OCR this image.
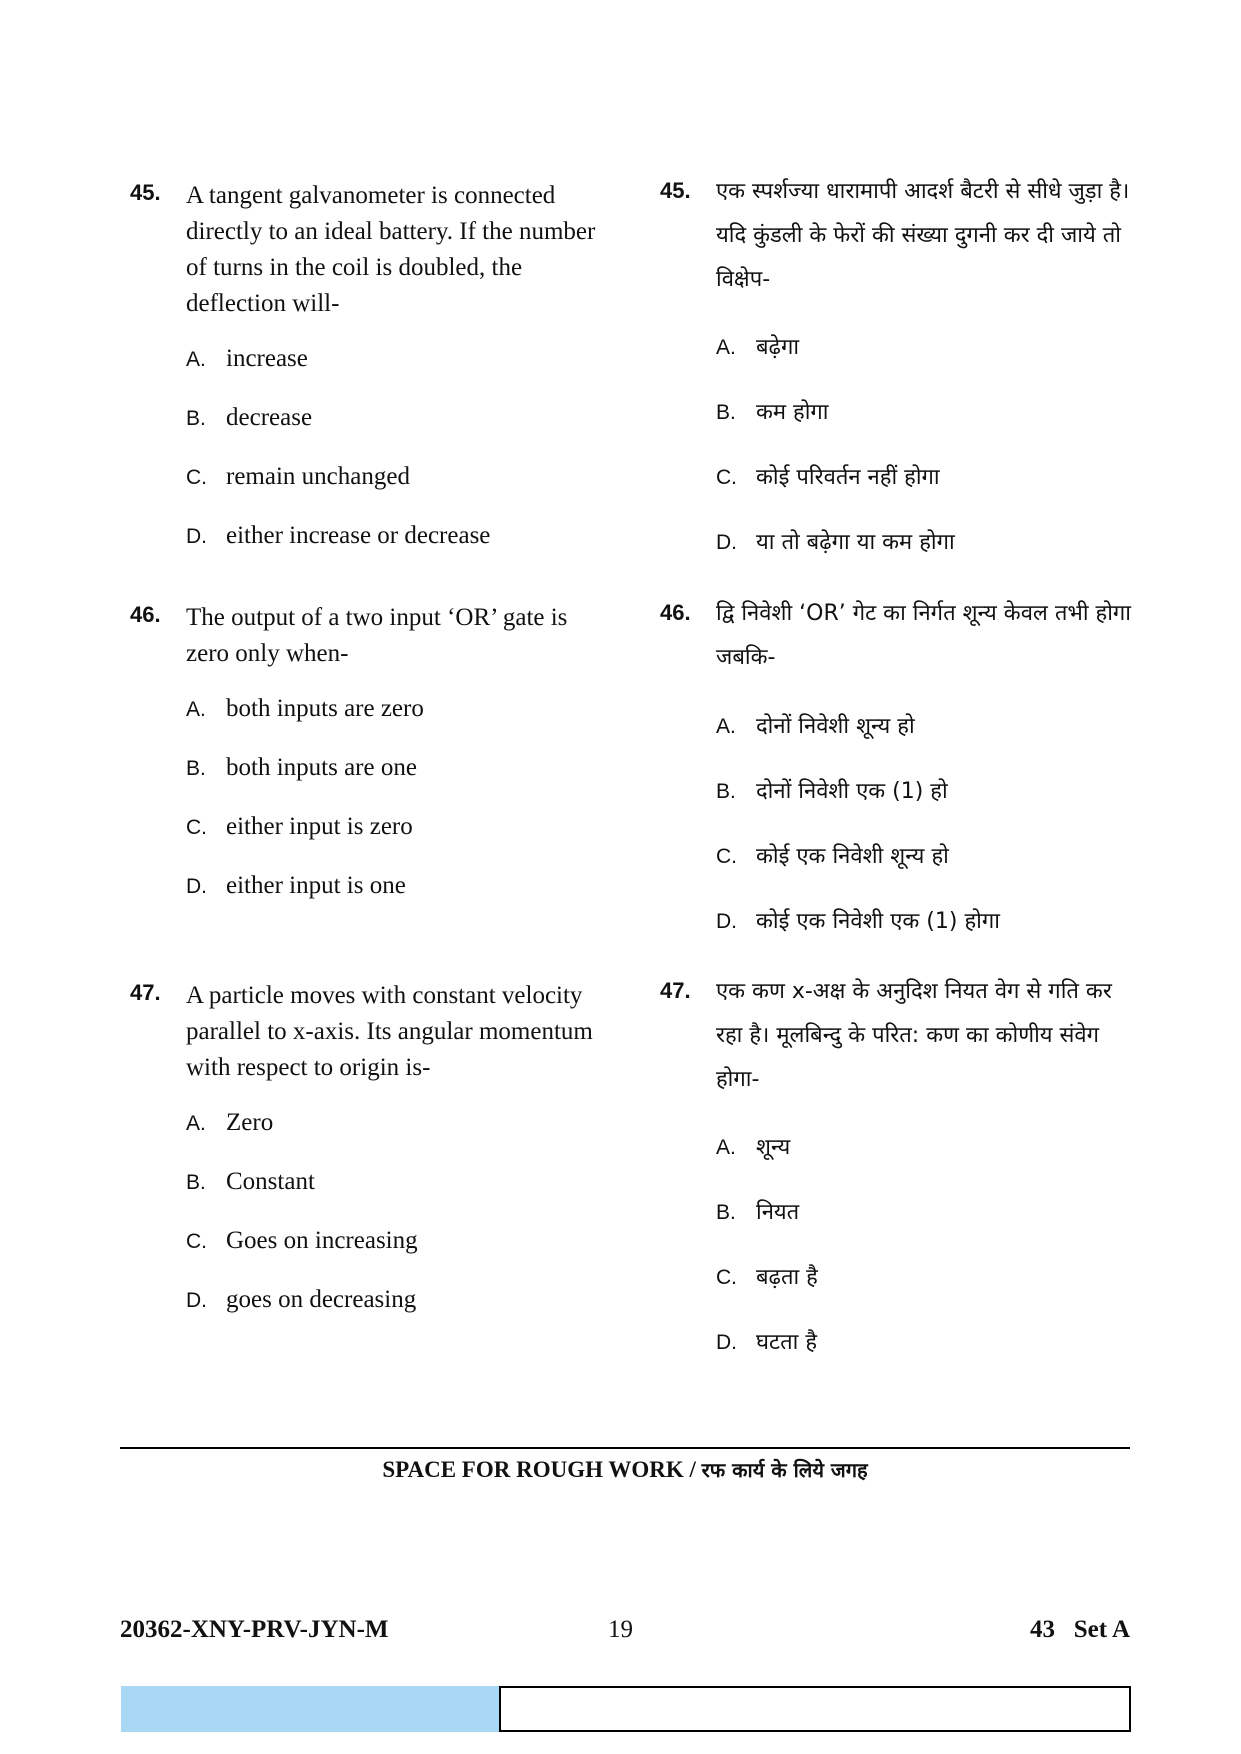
45. A tangent galvanometer is connected directly to an ideal battery. If the number of turns in the coil is doubled, the deflection will-
A. increase
B. decrease
C. remain unchanged
D. either increase or decrease
46. The output of a two input ‘OR’ gate is zero only when-
A. both inputs are zero
B. both inputs are one
C. either input is zero
D. either input is one
47. A particle moves with constant velocity parallel to x-axis. Its angular momentum with respect to origin is-
A. Zero
B. Constant
C. Goes on increasing
D. goes on decreasing
45. एक स्पर्शज्या धारामापी आदर्श बैटरी से सीधे जुड़ा है। यदि कुंडली के फेरों की संख्या दुगनी कर दी जाये तो विक्षेप-
A. बढ़ेगा
B. कम होगा
C. कोई परिवर्तन नहीं होगा
D. या तो बढ़ेगा या कम होगा
46. द्वि निवेशी ‘OR’ गेट का निर्गत शून्य केवल तभी होगा जबकि-
A. दोनों निवेशी शून्य हो
B. दोनों निवेशी एक (1) हो
C. कोई एक निवेशी शून्य हो
D. कोई एक निवेशी एक (1) होगा
47. एक कण x-अक्ष के अनुदिश नियत वेग से गति कर रहा है। मूलबिन्दु के परित: कण का कोणीय संवेग होगा-
A. शून्य
B. नियत
C. बढ़ता है
D. घटता है
SPACE FOR ROUGH WORK / रफ कार्य के लिये जगह
20362-XNY-PRV-JYN-M	19	43   Set A
